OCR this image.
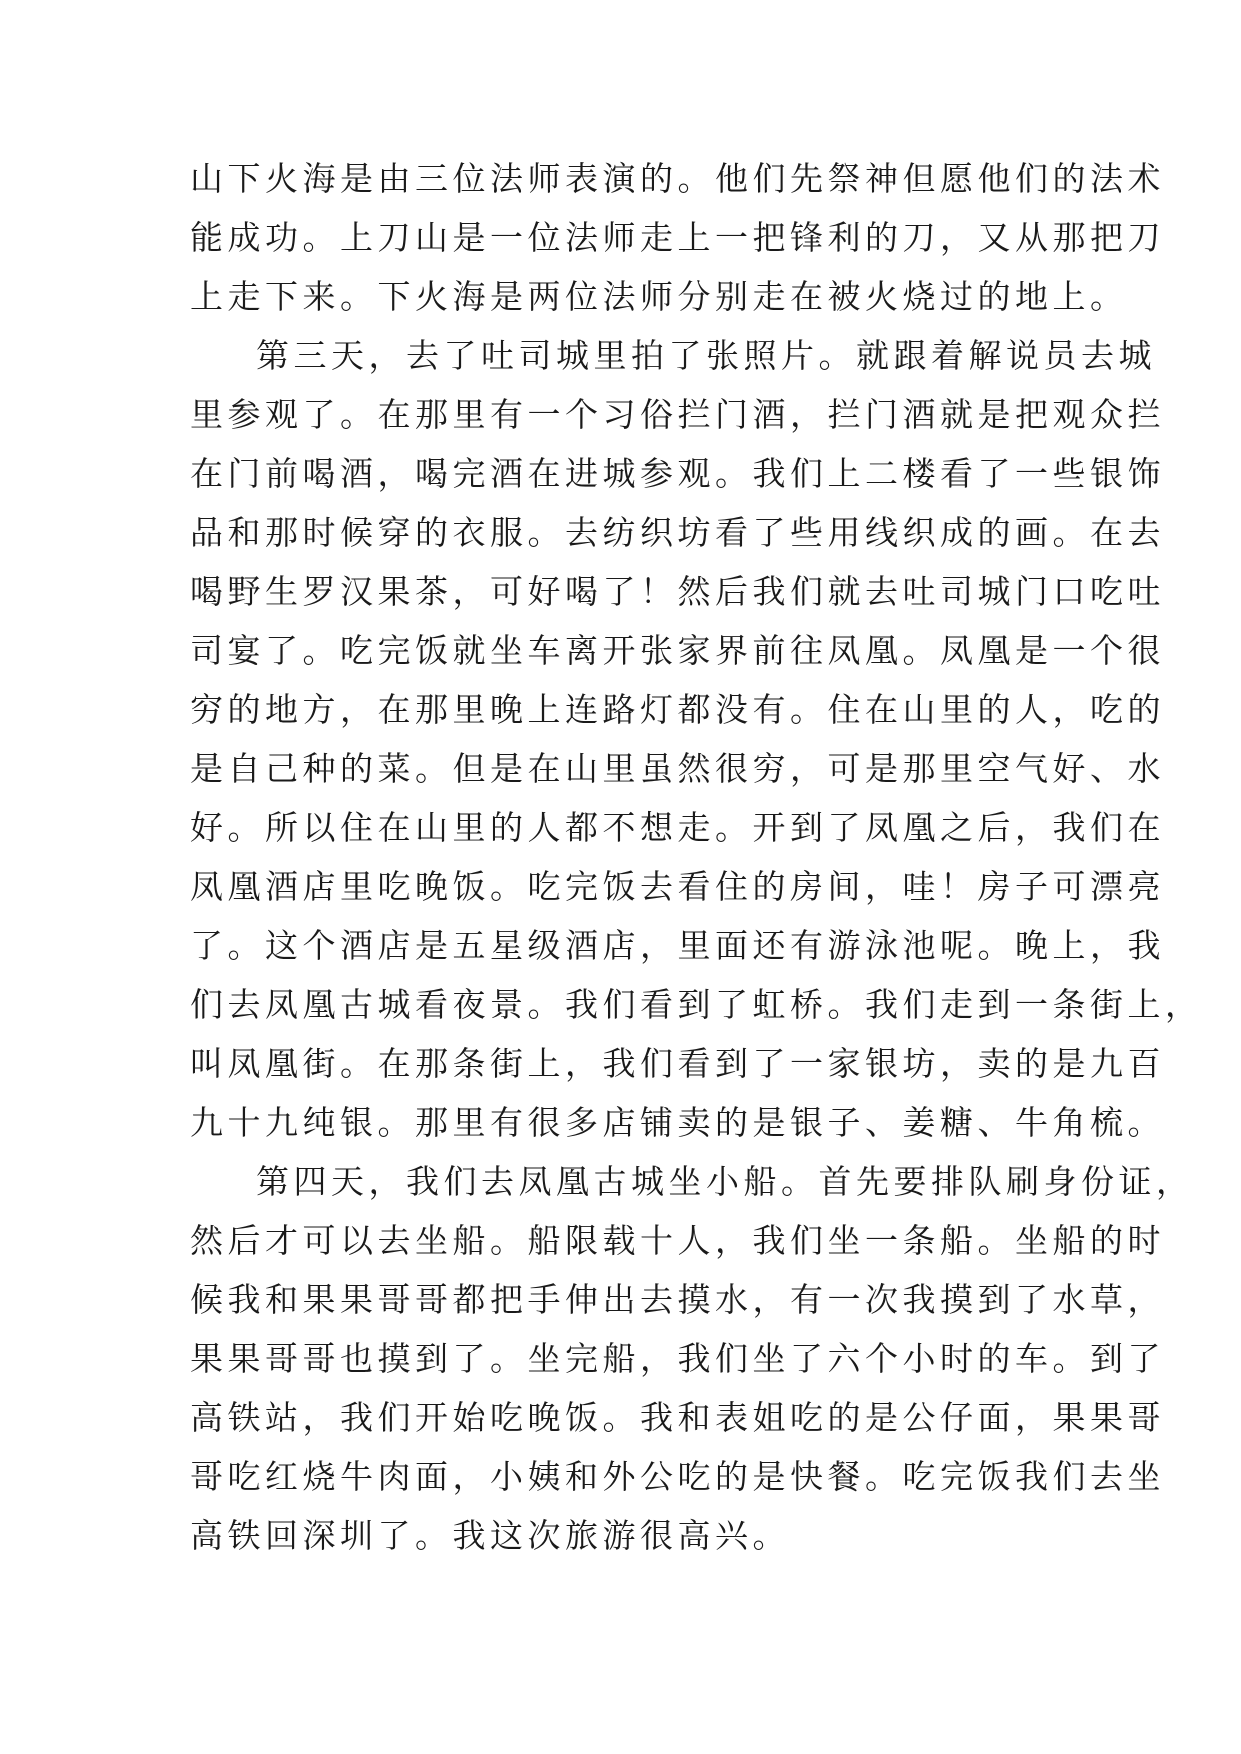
山下火海是由三位法师表演的。他们先祭神但愿他们的法术
能成功。上刀山是一位法师走上一把锋利的刀，又从那把刀
上走下来。下火海是两位法师分别走在被火烧过的地上。
第三天，去了吐司城里拍了张照片。就跟着解说员去城
里参观了。在那里有一个习俗拦门酒，拦门酒就是把观众拦
在门前喝酒，喝完酒在进城参观。我们上二楼看了一些银饰
品和那时候穿的衣服。去纺织坊看了些用线织成的画。在去
喝野生罗汉果茶，可好喝了！然后我们就去吐司城门口吃吐
司宴了。吃完饭就坐车离开张家界前往凤凰。凤凰是一个很
穷的地方，在那里晚上连路灯都没有。住在山里的人，吃的
是自己种的菜。但是在山里虽然很穷，可是那里空气好、水
好。所以住在山里的人都不想走。开到了凤凰之后，我们在
凤凰酒店里吃晚饭。吃完饭去看住的房间，哇！房子可漂亮
了。这个酒店是五星级酒店，里面还有游泳池呢。晚上，我
们去凤凰古城看夜景。我们看到了虹桥。我们走到一条街上，
叫凤凰街。在那条街上，我们看到了一家银坊，卖的是九百
九十九纯银。那里有很多店铺卖的是银子、姜糖、牛角梳。
第四天，我们去凤凰古城坐小船。首先要排队刷身份证，
然后才可以去坐船。船限载十人，我们坐一条船。坐船的时
候我和果果哥哥都把手伸出去摸水，有一次我摸到了水草，
果果哥哥也摸到了。坐完船，我们坐了六个小时的车。到了
高铁站，我们开始吃晚饭。我和表姐吃的是公仔面，果果哥
哥吃红烧牛肉面，小姨和外公吃的是快餐。吃完饭我们去坐
高铁回深圳了。我这次旅游很高兴。
